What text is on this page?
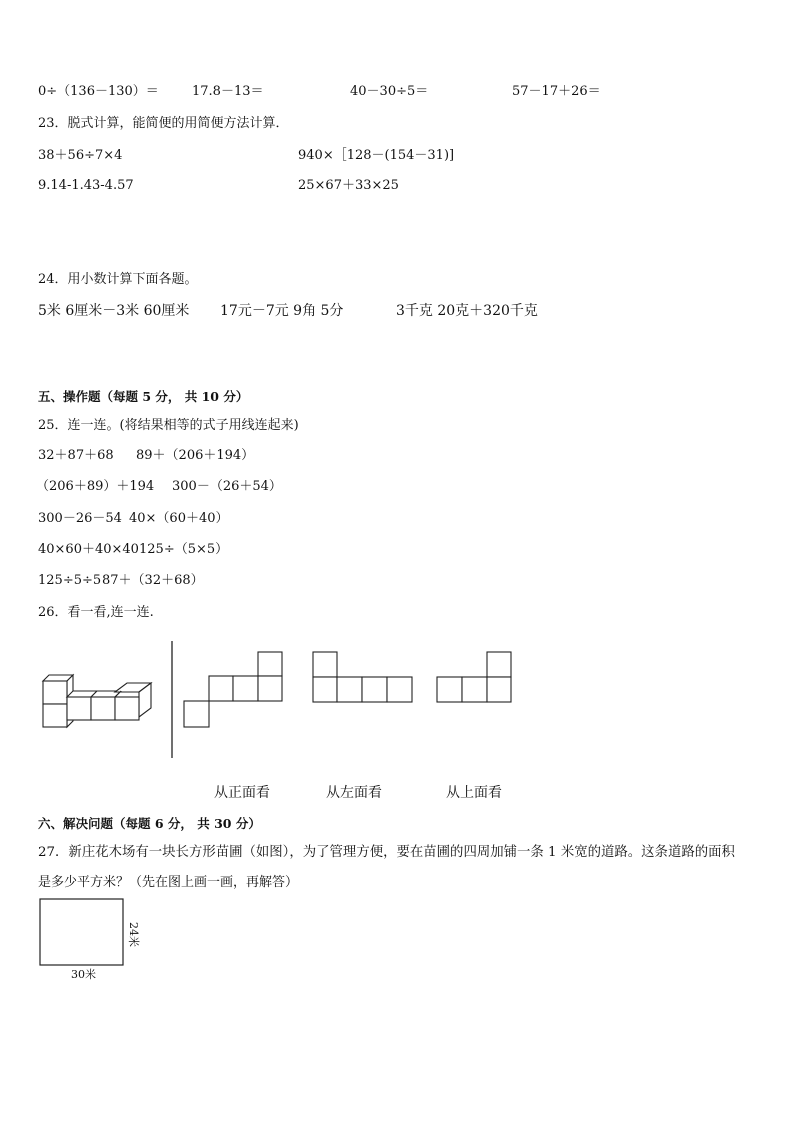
0÷（136－130）＝	17.8－13＝	40－30÷5＝	57－17＋26＝
23．脱式计算，能简便的用简便方法计算．
38＋56÷7×4	940×［128－(154－31)]
9.14-1.43-4.57	25×67＋33×25
24．用小数计算下面各题。
5米 6厘米－3米 60厘米 17元－7元 9角 5分	3千克 20克＋320千克
五、操作题（每题 5 分， 共 10 分）
25．连一连。(将结果相等的式子用线连起来)
32＋87＋68 89＋（206＋194）
（206＋89）＋194 300－（26＋54）
300－26－54 40×（60＋40）
40×60＋40×40 125÷（5×5）
125÷5÷5 87＋（32＋68）
26．看一看,连一连.
从正面看	从左面看	从上面看
六、解决问题（每题 6 分， 共 30 分）
27．新庄花木场有一块长方形苗圃（如图），为了管理方便，要在苗圃的四周加铺一条 1 米宽的道路。这条道路的面积
是多少平方米？（先在图上画一画，再解答）
24米
30米
